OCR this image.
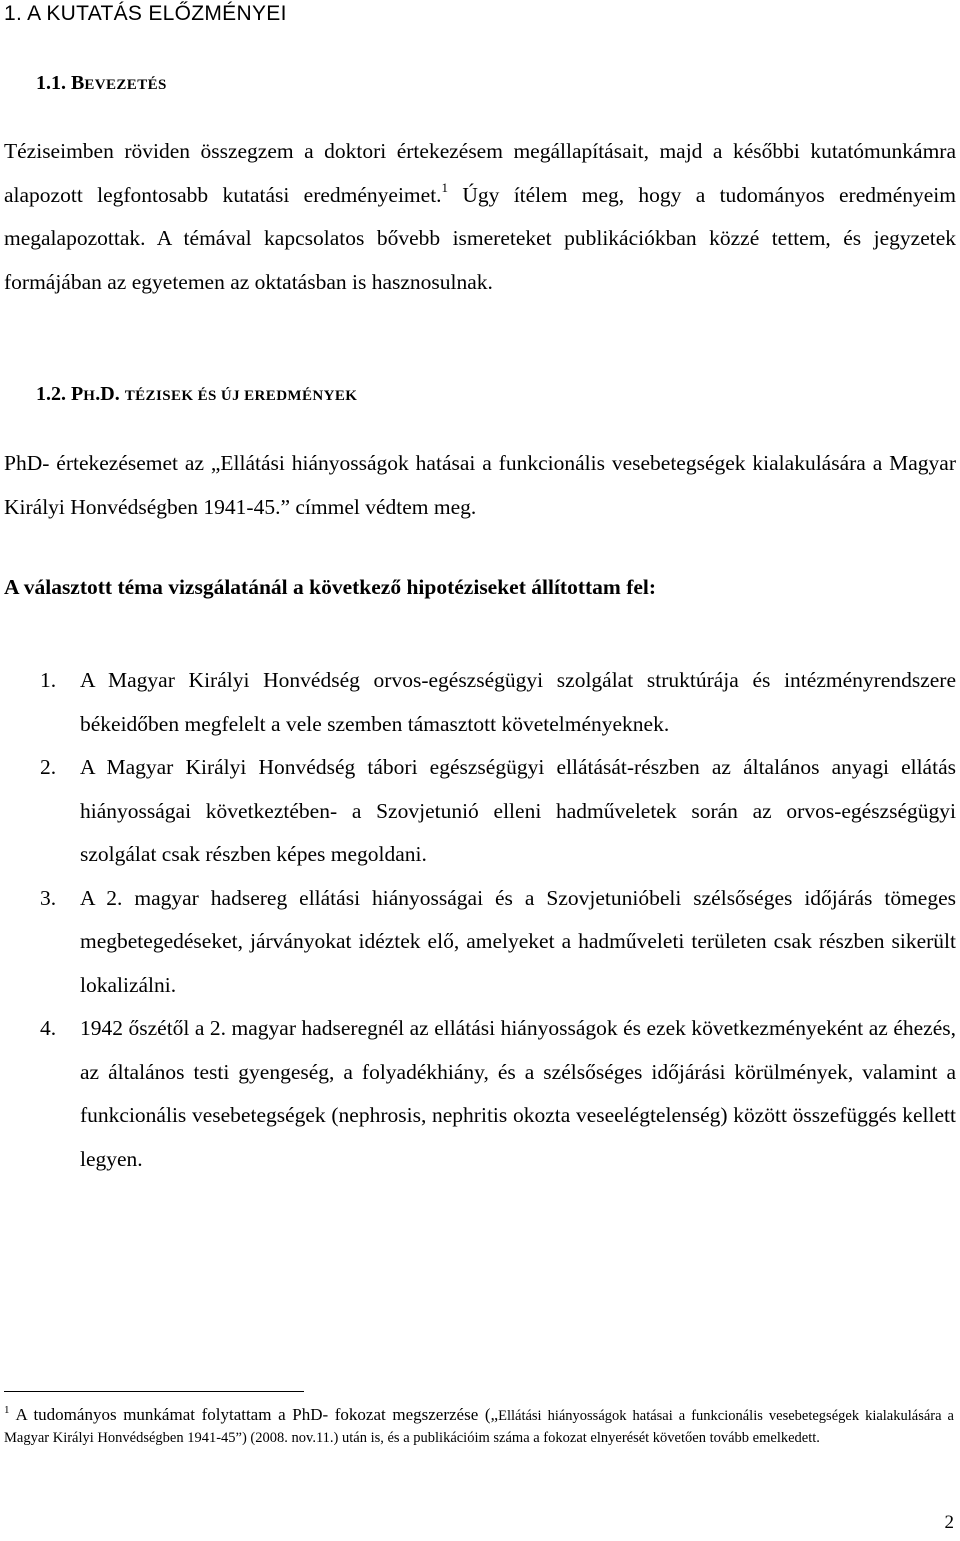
1. A KUTATÁS ELŐZMÉNYEI
1.1. BEVEZETÉS
Téziseimben röviden összegzem a doktori értekezésem megállapításait, majd a későbbi kutatómunkámra alapozott legfontosabb kutatási eredményeimet.$^1$ Úgy ítélem meg, hogy a tudományos eredményeim megalapozottak. A témával kapcsolatos bővebb ismereteket publikációkban közzé tettem, és jegyzetek formájában az egyetemen az oktatásban is hasznosulnak.
1.2. PH.D. TÉZISEK ÉS ÚJ EREDMÉNYEK
PhD- értekezésemet az „Ellátási hiányosságok hatásai a funkcionális vesebetegségek kialakulására a Magyar Királyi Honvédségben 1941-45.” címmel védtem meg.
A választott téma vizsgálatánál a következő hipotéziseket állítottam fel:
1. A Magyar Királyi Honvédség orvos-egészségügyi szolgálat struktúrája és intézményrendszere békeidőben megfelelt a vele szemben támasztott követelményeknek.
2. A Magyar Királyi Honvédség tábori egészségügyi ellátását-részben az általános anyagi ellátás hiányosságai következtében- a Szovjetunió elleni hadműveletek során az orvos-egészségügyi szolgálat csak részben képes megoldani.
3. A 2. magyar hadsereg ellátási hiányosságai és a Szovjetunióbeli szélsőséges időjárás tömeges megbetegedéseket, járványokat idéztek elő, amelyeket a hadműveleti területen csak részben sikerült lokalizálni.
4. 1942 őszétől a 2. magyar hadseregnél az ellátási hiányosságok és ezek következményeként az éhezés, az általános testi gyengeség, a folyadékhiány, és a szélsőséges időjárási körülmények, valamint a funkcionális vesebetegségek (nephrosis, nephritis okozta veseelégtelenség) között összefüggés kellett legyen.
$^1$ A tudományos munkámat folytattam a PhD- fokozat megszerzése („Ellátási hiányosságok hatásai a funkcionális vesebetegségek kialakulására a Magyar Királyi Honvédségben 1941-45”) (2008. nov.11.) után is, és a publikációim száma a fokozat elnyerését követően tovább emelkedett.
2
